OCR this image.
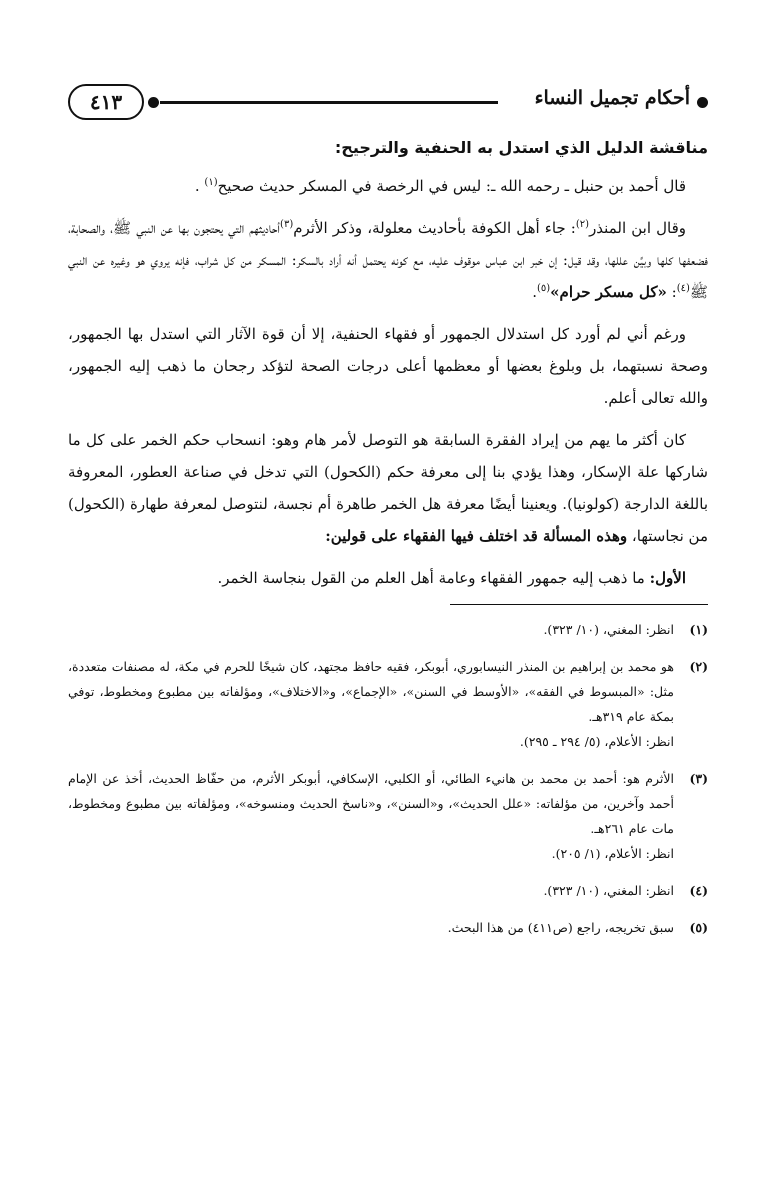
أحكام تجميل النساء
٤١٣
مناقشة الدليل الذي استدل به الحنفية والترجيح:

قال أحمد بن حنبل ـ رحمه الله ـ: ليس في الرخصة في المسكر حديث صحيح$^{(١)}$ .

وقال ابن المنذر$^{(٢)}$: جاء أهل الكوفة بأحاديث معلولة، وذكر الأثرم$^{(٣)}$أحاديثهم التي يحتجون بها عن النبي ﷺ، والصحابة، فضعفها كلها وبيَّن عللها، وقد قيل: إن خبر ابن عباس موقوف عليه، مع كونه يحتمل أنه أراد بالسكر: المسكر من كل شراب، فإنه يروي هو وغيره عن النبي ﷺ$^{(٤)}$: «كل مسكر حرام»$^{(٥)}$.

ورغم أني لم أورد كل استدلال الجمهور أو فقهاء الحنفية، إلا أن قوة الآثار التي استدل بها الجمهور، وصحة نسبتهما، بل وبلوغ بعضها أو معظمها أعلى درجات الصحة لتؤكد رجحان ما ذهب إليه الجمهور، والله تعالى أعلم.

كان أكثر ما يهم من إيراد الفقرة السابقة هو التوصل لأمر هام وهو: انسحاب حكم الخمر على كل ما شاركها علة الإسكار، وهذا يؤدي بنا إلى معرفة حكم (الكحول) التي تدخل في صناعة العطور، المعروفة باللغة الدارجة (كولونيا). ويعنينا أيضًا معرفة هل الخمر طاهرة أم نجسة، لنتوصل لمعرفة طهارة (الكحول) من نجاستها، وهذه المسألة قد اختلف فيها الفقهاء على قولين:

الأول: ما ذهب إليه جمهور الفقهاء وعامة أهل العلم من القول بنجاسة الخمر.

(١)
انظر: المغني، (١٠/ ٣٢٣).
(٢)
هو محمد بن إبراهيم بن المنذر النيسابوري، أبوبكر، فقيه حافظ مجتهد، كان شيخًا للحرم في مكة، له مصنفات متعددة، مثل: «المبسوط في الفقه»، «الأوسط في السنن»، «الإجماع»، و«الاختلاف»، ومؤلفاته بين مطبوع ومخطوط، توفي بمكة عام ٣١٩هـ.
انظر: الأعلام، (٥/ ٢٩٤ ـ ٢٩٥).
(٣)
الأثرم هو: أحمد بن محمد بن هانيء الطائي، أو الكلبي، الإسكافي، أبوبكر الأثرم، من حفّاظ الحديث، أخذ عن الإمام أحمد وآخرين، من مؤلفاته: «علل الحديث»، و«السنن»، و«ناسخ الحديث ومنسوخه»، ومؤلفاته بين مطبوع ومخطوط، مات عام ٢٦١هـ.
انظر: الأعلام، (١/ ٢٠٥).
(٤)
انظر: المغني، (١٠/ ٣٢٣).
(٥)
سبق تخريجه، راجع (ص٤١١) من هذا البحث.
